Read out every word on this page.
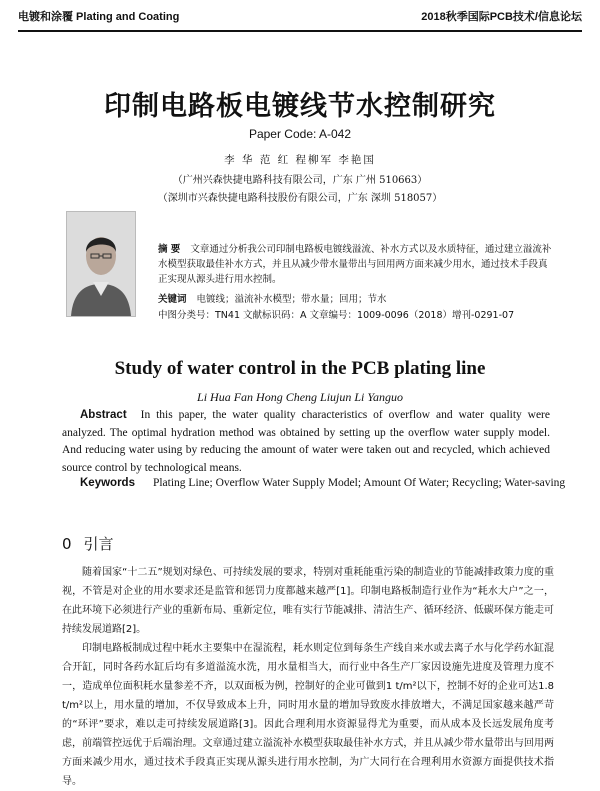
电镀和涂覆 Plating and Coating	2018秋季国际PCB技术/信息论坛
印制电路板电镀线节水控制研究
Paper Code: A-042
李 华 范 红 程柳军 李艳国
（广州兴森快捷电路科技有限公司，广东 广州 510663）
（深圳市兴森快捷电路科技股份有限公司，广东 深圳 518057）
摘 要 文章通过分析我公司印制电路板电镀线溢流、补水方式以及水质特征，通过建立溢流补水模型获取最佳补水方式，并且从减少带水量带出与回用两方面来减少用水，通过技术手段真正实现从源头进行用水控制。
关键词 电镀线；溢流补水模型；带水量；回用；节水
中图分类号：TN41 文献标识码：A 文章编号：1009-0096（2018）增刊-0291-07
Study of water control in the PCB plating line
Li Hua Fan Hong Cheng Liujun Li Yanguo
Abstract In this paper, the water quality characteristics of overflow and water quality were analyzed. The optimal hydration method was obtained by setting up the overflow water supply model. And reducing water using by reducing the amount of water were taken out and recycled, which achieved source control by technological means.
Keywords Plating Line; Overflow Water Supply Model; Amount Of Water; Recycling; Water-saving
0 引言

随着国家“十二五”规划对绿色、可持续发展的要求，特别对重耗能重污染的制造业的节能减排政策力度的重视，不管是对企业的用水要求还是监管和惩罚力度都越来越严[1]。印制电路板制造行业作为“耗水大户”之一，在此环境下必须进行产业的重新布局、重新定位，唯有实行节能减排、清洁生产、循环经济、低碳环保方能走可持续发展道路[2]。

印制电路板制成过程中耗水主要集中在湿流程，耗水则定位到每条生产线自来水或去离子水与化学药水缸混合开缸，同时各药水缸后均有多道溢流水洗，用水量相当大，而行业中各生产厂家因设施先进度及管理力度不一，造成单位面积耗水量参差不齐，以双面板为例，控制好的企业可做到1 t/m²以下，控制不好的企业可达1.8 t/m²以上，用水量的增加，不仅导致成本上升，同时用水量的增加导致废水排放增大，不满足国家越来越严苛的“环评”要求，难以走可持续发展道路[3]。因此合理利用水资源显得尤为重要，而从成本及长远发展角度考虑，前端管控远优于后端治理。文章通过建立溢流补水模型获取最佳补水方式，并且从减少带水量带出与回用两方面来减少用水，通过技术手段真正实现从源头进行用水控制，为广大同行在合理利用水资源方面提供技术指导。
